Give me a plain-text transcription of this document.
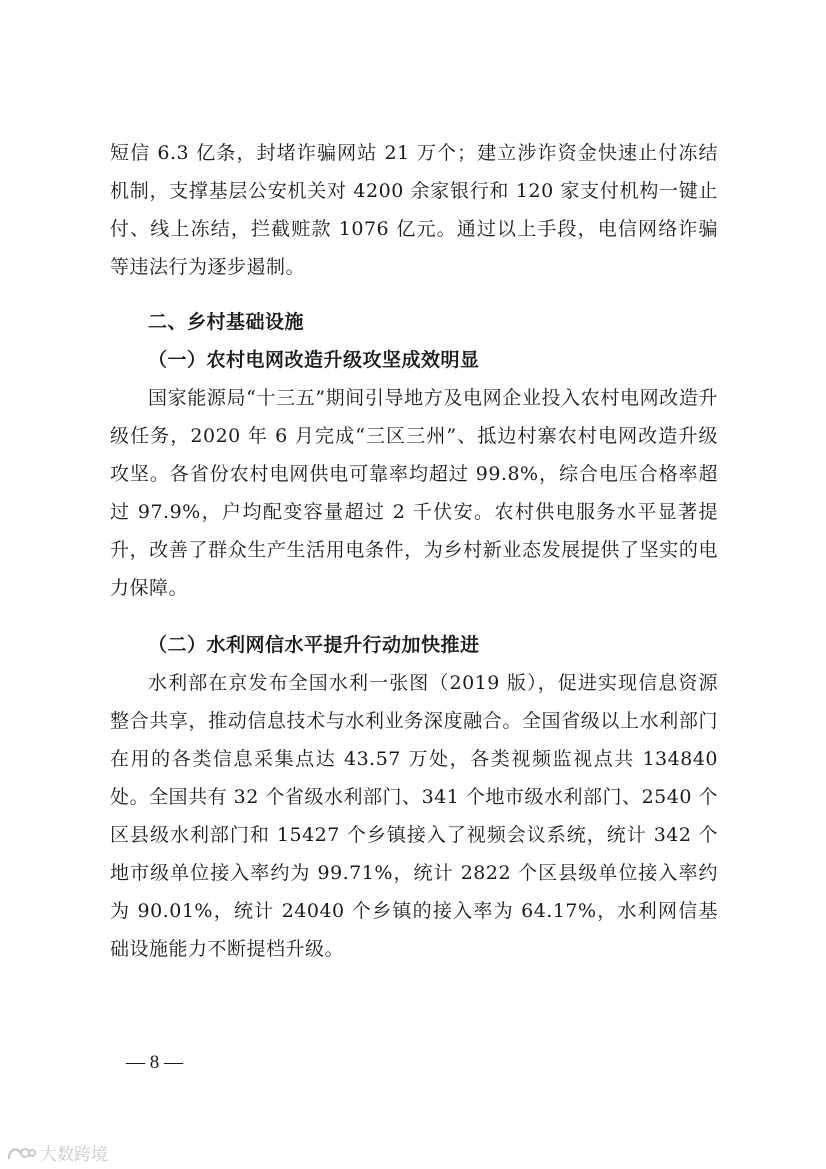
短信 6.3 亿条，封堵诈骗网站 21 万个；建立涉诈资金快速止付冻结机制，支撑基层公安机关对 4200 余家银行和 120 家支付机构一键止付、线上冻结，拦截赃款 1076 亿元。通过以上手段，电信网络诈骗等违法行为逐步遏制。

二、乡村基础设施
（一）农村电网改造升级攻坚成效明显

国家能源局“十三五”期间引导地方及电网企业投入农村电网改造升级任务，2020 年 6 月完成“三区三州”、抵边村寨农村电网改造升级攻坚。各省份农村电网供电可靠率均超过 99.8%，综合电压合格率超过 97.9%，户均配变容量超过 2 千伏安。农村供电服务水平显著提升，改善了群众生产生活用电条件，为乡村新业态发展提供了坚实的电力保障。

（二）水利网信水平提升行动加快推进

水利部在京发布全国水利一张图（2019 版），促进实现信息资源整合共享，推动信息技术与水利业务深度融合。全国省级以上水利部门在用的各类信息采集点达 43.57 万处，各类视频监视点共 134840 处。全国共有 32 个省级水利部门、341 个地市级水利部门、2540 个区县级水利部门和 15427 个乡镇接入了视频会议系统，统计 342 个地市级单位接入率约为 99.71%，统计 2822 个区县级单位接入率约为 90.01%，统计 24040 个乡镇的接入率为 64.17%，水利网信基础设施能力不断提档升级。

— 8 —
大数跨境
